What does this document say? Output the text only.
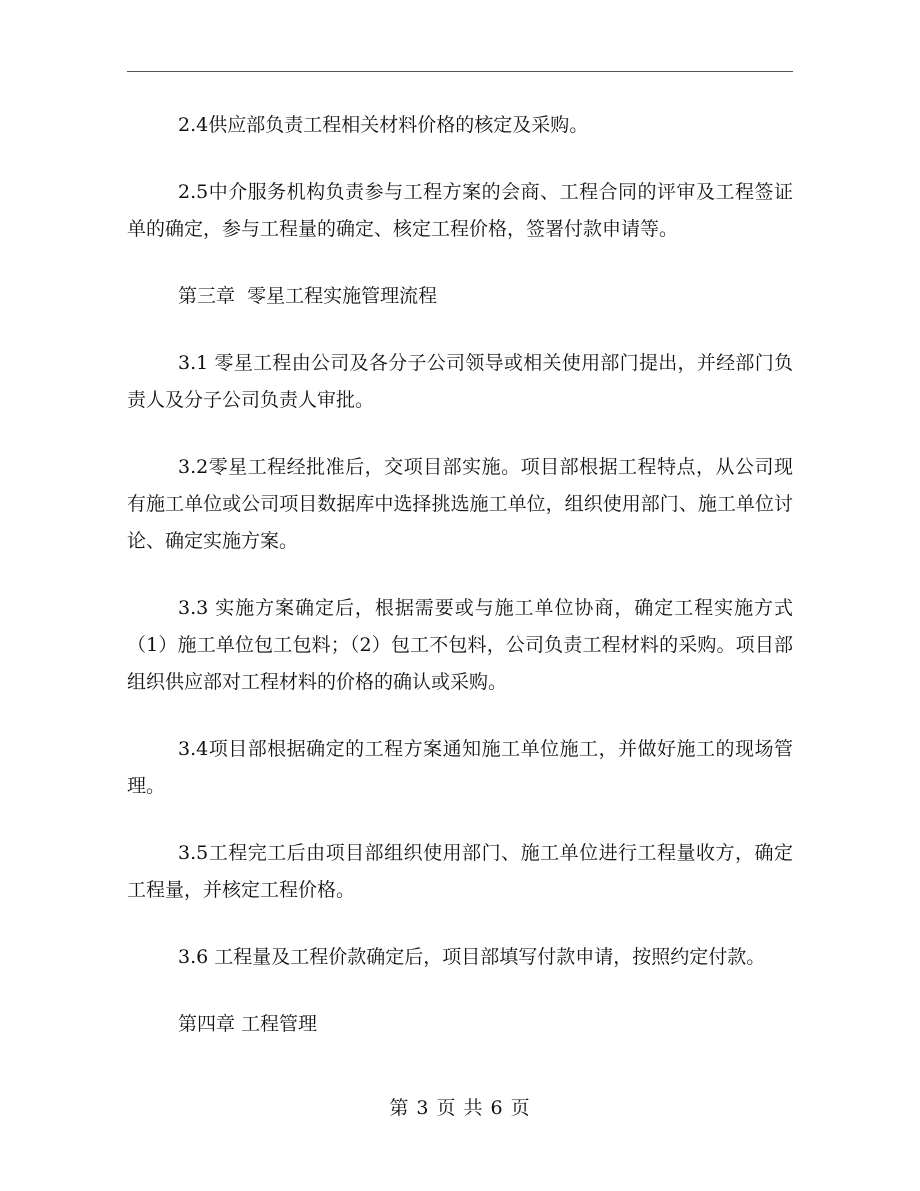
2.4供应部负责工程相关材料价格的核定及采购。

2.5中介服务机构负责参与工程方案的会商、工程合同的评审及工程签证单的确定，参与工程量的确定、核定工程价格，签署付款申请等。

第三章  零星工程实施管理流程

3.1 零星工程由公司及各分子公司领导或相关使用部门提出，并经部门负责人及分子公司负责人审批。

3.2零星工程经批准后，交项目部实施。项目部根据工程特点，从公司现有施工单位或公司项目数据库中选择挑选施工单位，组织使用部门、施工单位讨论、确定实施方案。

3.3 实施方案确定后，根据需要或与施工单位协商，确定工程实施方式（1）施工单位包工包料；（2）包工不包料，公司负责工程材料的采购。项目部组织供应部对工程材料的价格的确认或采购。

3.4项目部根据确定的工程方案通知施工单位施工，并做好施工的现场管理。

3.5工程完工后由项目部组织使用部门、施工单位进行工程量收方，确定工程量，并核定工程价格。

3.6 工程量及工程价款确定后，项目部填写付款申请，按照约定付款。

第四章 工程管理

第 3 页 共 6 页
